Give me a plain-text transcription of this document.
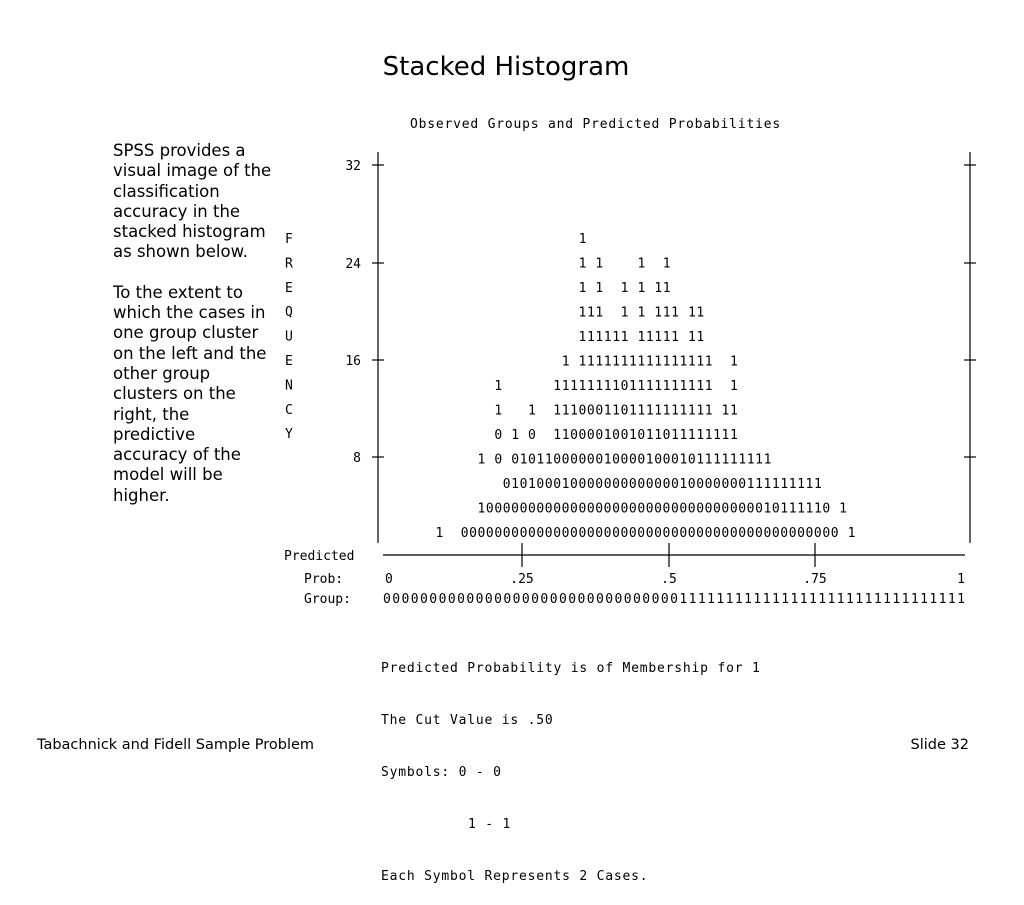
Stacked Histogram

SPSS provides a visual image of the classification accuracy in the stacked histogram as shown below.

To the extent to which the cases in one group cluster on the left and the other group clusters on the right, the predictive accuracy of the model will be higher.

Observed Groups and Predicted Probabilities
32
24
16
8
F
R
E
Q
U
E
N
C
Y
1
1 1    1  1
1 1  1 1 11
111  1 1 111 11
111111 11111 11
1 1111111111111111  1
1      1111111101111111111  1
1   1  1110001101111111111 11
0 1 0  1100001001011011111111
1 0 0101100000010000100010111111111
01010001000000000000010000000111111111
100000000000000000000000000000000010111110 1
1  000000000000000000000000000000000000000000000 1
Predicted
Prob:	0	.25	.5	.75	1
Group: 000000000000000000000000000000001111111111111111111111111111111

Predicted Probability is of Membership for 1

The Cut Value is .50

Symbols: 0 - 0

1 - 1

Each Symbol Represents 2 Cases.

Tabachnick and Fidell Sample Problem	Slide 32
